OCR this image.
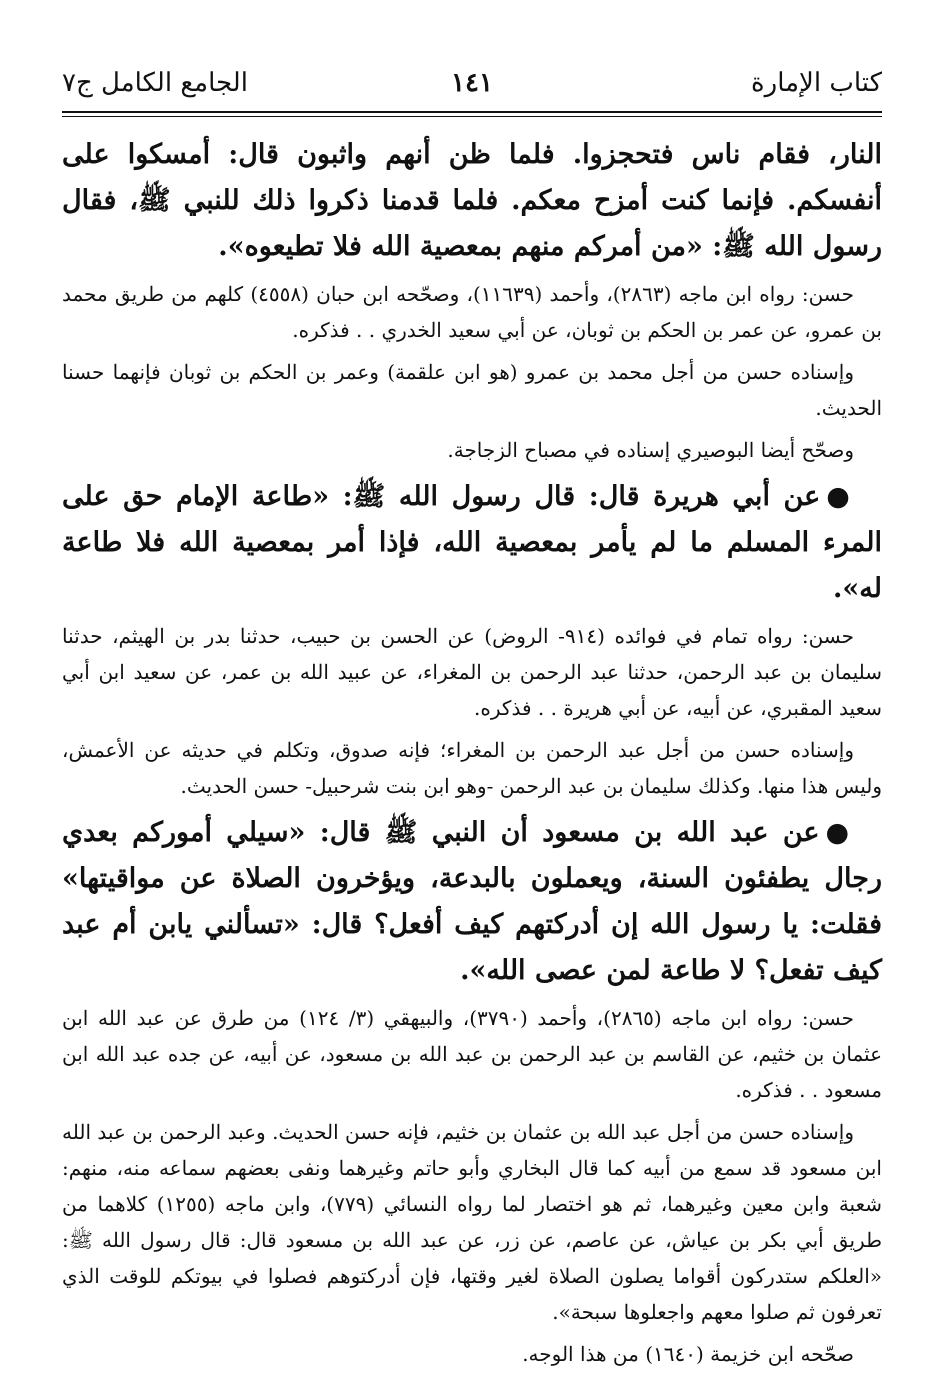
كتاب الإمارة
١٤١
الجامع الكامل ج٧

النار، فقام ناس فتحجزوا. فلما ظن أنهم واثبون قال: أمسكوا على أنفسكم. فإنما كنت أمزح معكم. فلما قدمنا ذكروا ذلك للنبي ﷺ، فقال رسول الله ﷺ: «من أمركم منهم بمعصية الله فلا تطيعوه».

حسن: رواه ابن ماجه (٢٨٦٣)، وأحمد (١١٦٣٩)، وصحّحه ابن حبان (٤٥٥٨) كلهم من طريق محمد بن عمرو، عن عمر بن الحكم بن ثوبان، عن أبي سعيد الخدري . . فذكره.

وإسناده حسن من أجل محمد بن عمرو (هو ابن علقمة) وعمر بن الحكم بن ثوبان فإنهما حسنا الحديث.

وصحّح أيضا البوصيري إسناده في مصباح الزجاجة.

●عن أبي هريرة قال: قال رسول الله ﷺ: «طاعة الإمام حق على المرء المسلم ما لم يأمر بمعصية الله، فإذا أمر بمعصية الله فلا طاعة له».

حسن: رواه تمام في فوائده (٩١٤- الروض) عن الحسن بن حبيب، حدثنا بدر بن الهيثم، حدثنا سليمان بن عبد الرحمن، حدثنا عبد الرحمن بن المغراء، عن عبيد الله بن عمر، عن سعيد ابن أبي سعيد المقبري، عن أبيه، عن أبي هريرة . . فذكره.

وإسناده حسن من أجل عبد الرحمن بن المغراء؛ فإنه صدوق، وتكلم في حديثه عن الأعمش، وليس هذا منها. وكذلك سليمان بن عبد الرحمن -وهو ابن بنت شرحبيل- حسن الحديث.

●عن عبد الله بن مسعود أن النبي ﷺ قال: «سيلي أموركم بعدي رجال يطفئون السنة، ويعملون بالبدعة، ويؤخرون الصلاة عن مواقيتها» فقلت: يا رسول الله إن أدركتهم كيف أفعل؟ قال: «تسألني يابن أم عبد كيف تفعل؟ لا طاعة لمن عصى الله».

حسن: رواه ابن ماجه (٢٨٦٥)، وأحمد (٣٧٩٠)، والبيهقي (٣/ ١٢٤) من طرق عن عبد الله ابن عثمان بن خثيم، عن القاسم بن عبد الرحمن بن عبد الله بن مسعود، عن أبيه، عن جده عبد الله ابن مسعود . . فذكره.

وإسناده حسن من أجل عبد الله بن عثمان بن خثيم، فإنه حسن الحديث. وعبد الرحمن بن عبد الله ابن مسعود قد سمع من أبيه كما قال البخاري وأبو حاتم وغيرهما ونفى بعضهم سماعه منه، منهم: شعبة وابن معين وغيرهما، ثم هو اختصار لما رواه النسائي (٧٧٩)، وابن ماجه (١٢٥٥) كلاهما من طريق أبي بكر بن عياش، عن عاصم، عن زر، عن عبد الله بن مسعود قال: قال رسول الله ﷺ: «العلكم ستدركون أقواما يصلون الصلاة لغير وقتها، فإن أدركتوهم فصلوا في بيوتكم للوقت الذي تعرفون ثم صلوا معهم واجعلوها سبحة».

صحّحه ابن خزيمة (١٦٤٠) من هذا الوجه.
